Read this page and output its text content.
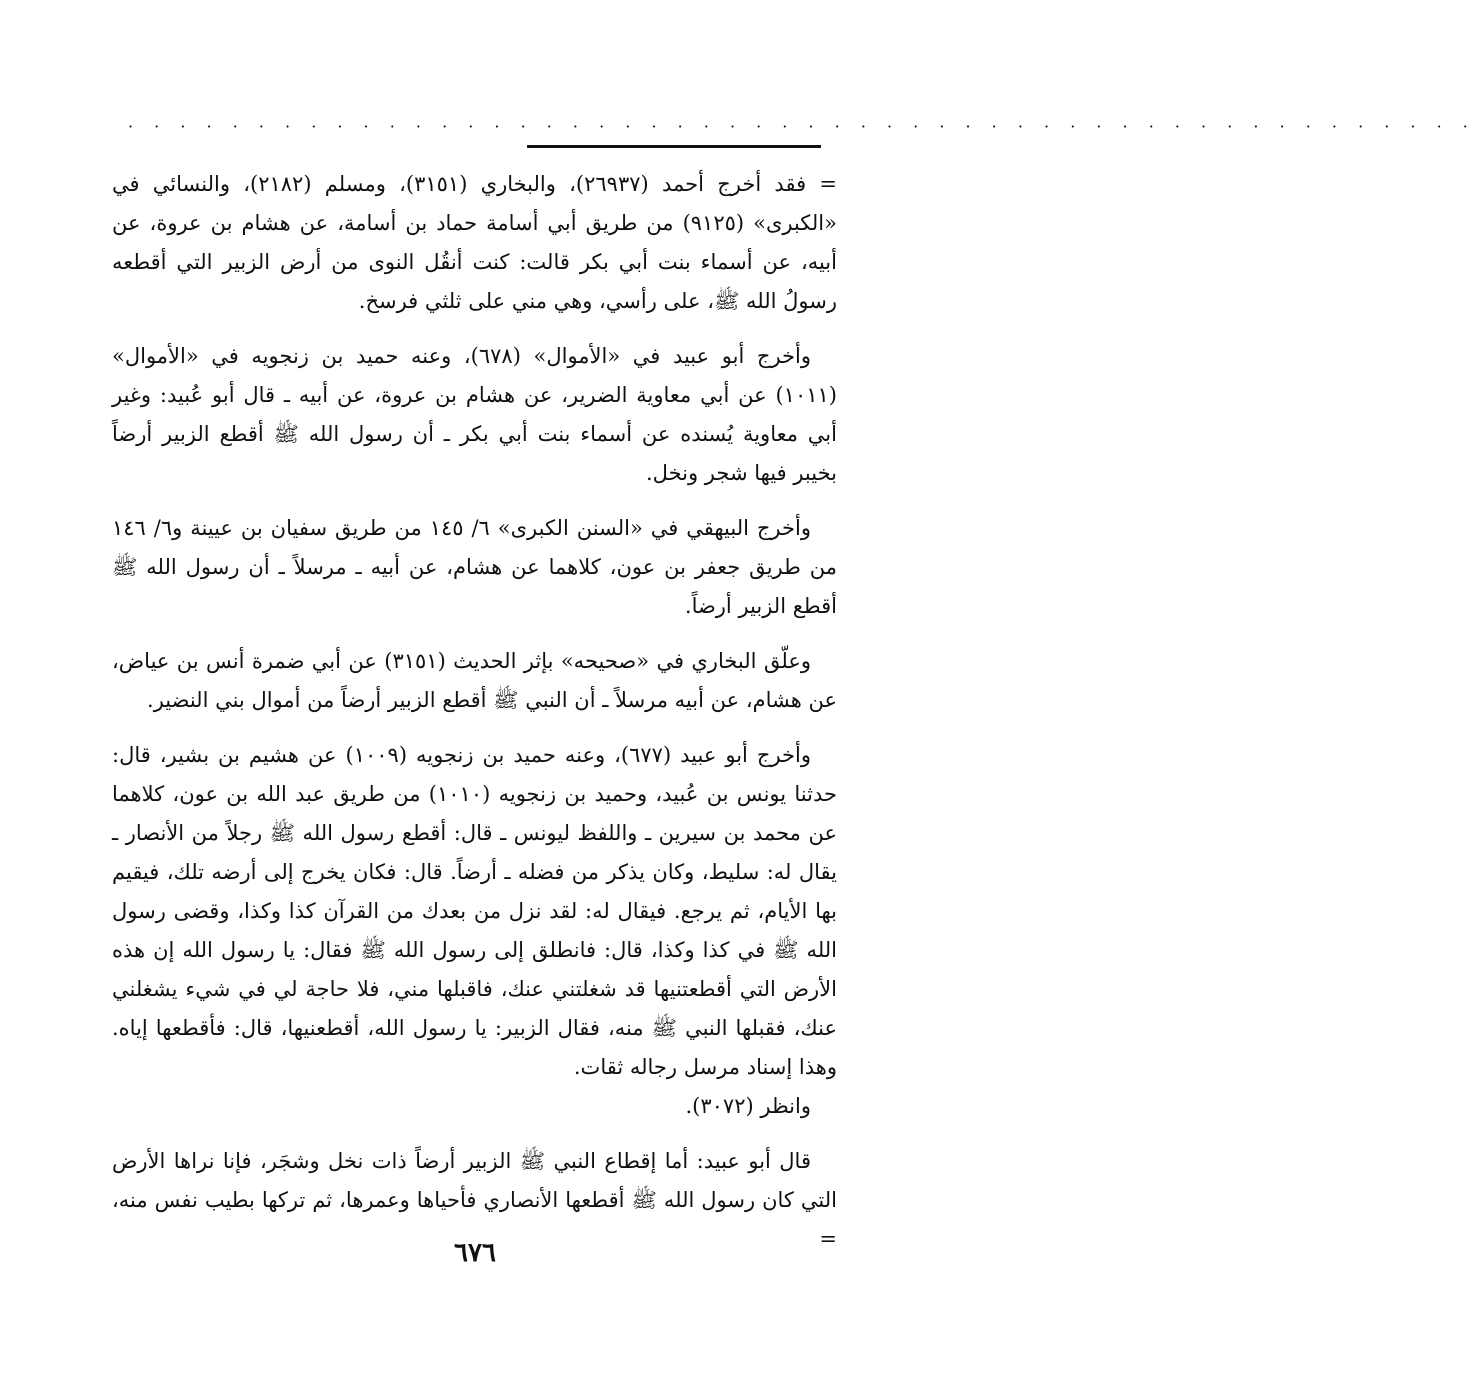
· · · · · · · · · · · · · · · · · · · · · · · · · · · · · · · · · · · · · · · · · · · · · · · · · · · ·

= فقد أخرج أحمد (٢٦٩٣٧)، والبخاري (٣١٥١)، ومسلم (٢١٨٢)، والنسائي في «الكبرى» (٩١٢٥) من طريق أبي أسامة حماد بن أسامة، عن هشام بن عروة، عن أبيه، عن أسماء بنت أبي بكر قالت: كنت أنقُل النوى من أرض الزبير التي أقطعه رسولُ الله ﷺ، على رأسي، وهي مني على ثلثي فرسخ.

وأخرج أبو عبيد في «الأموال» (٦٧٨)، وعنه حميد بن زنجويه في «الأموال» (١٠١١) عن أبي معاوية الضرير، عن هشام بن عروة، عن أبيه ـ قال أبو عُبيد: وغير أبي معاوية يُسنده عن أسماء بنت أبي بكر ـ أن رسول الله ﷺ أقطع الزبير أرضاً بخيبر فيها شجر ونخل.

وأخرج البيهقي في «السنن الكبرى» ٦/ ١٤٥ من طريق سفيان بن عيينة و٦/ ١٤٦ من طريق جعفر بن عون، كلاهما عن هشام، عن أبيه ـ مرسلاً ـ أن رسول الله ﷺ أقطع الزبير أرضاً.

وعلّق البخاري في «صحيحه» بإثر الحديث (٣١٥١) عن أبي ضمرة أنس بن عياض، عن هشام، عن أبيه مرسلاً ـ أن النبي ﷺ أقطع الزبير أرضاً من أموال بني النضير.

وأخرج أبو عبيد (٦٧٧)، وعنه حميد بن زنجويه (١٠٠٩) عن هشيم بن بشير، قال: حدثنا يونس بن عُبيد، وحميد بن زنجويه (١٠١٠) من طريق عبد الله بن عون، كلاهما عن محمد بن سيرين ـ واللفظ ليونس ـ قال: أقطع رسول الله ﷺ رجلاً من الأنصار ـ يقال له: سليط، وكان يذكر من فضله ـ أرضاً. قال: فكان يخرج إلى أرضه تلك، فيقيم بها الأيام، ثم يرجع. فيقال له: لقد نزل من بعدك من القرآن كذا وكذا، وقضى رسول الله ﷺ في كذا وكذا، قال: فانطلق إلى رسول الله ﷺ فقال: يا رسول الله إن هذه الأرض التي أقطعتنيها قد شغلتني عنك، فاقبلها مني، فلا حاجة لي في شيء يشغلني عنك، فقبلها النبي ﷺ منه، فقال الزبير: يا رسول الله، أقطعنيها، قال: فأقطعها إياه. وهذا إسناد مرسل رجاله ثقات.

وانظر (٣٠٧٢).

قال أبو عبيد: أما إقطاع النبي ﷺ الزبير أرضاً ذات نخل وشجَر، فإنا نراها الأرض التي كان رسول الله ﷺ أقطعها الأنصاري فأحياها وعمرها، ثم تركها بطيب نفس منه، =

٦٧٦
